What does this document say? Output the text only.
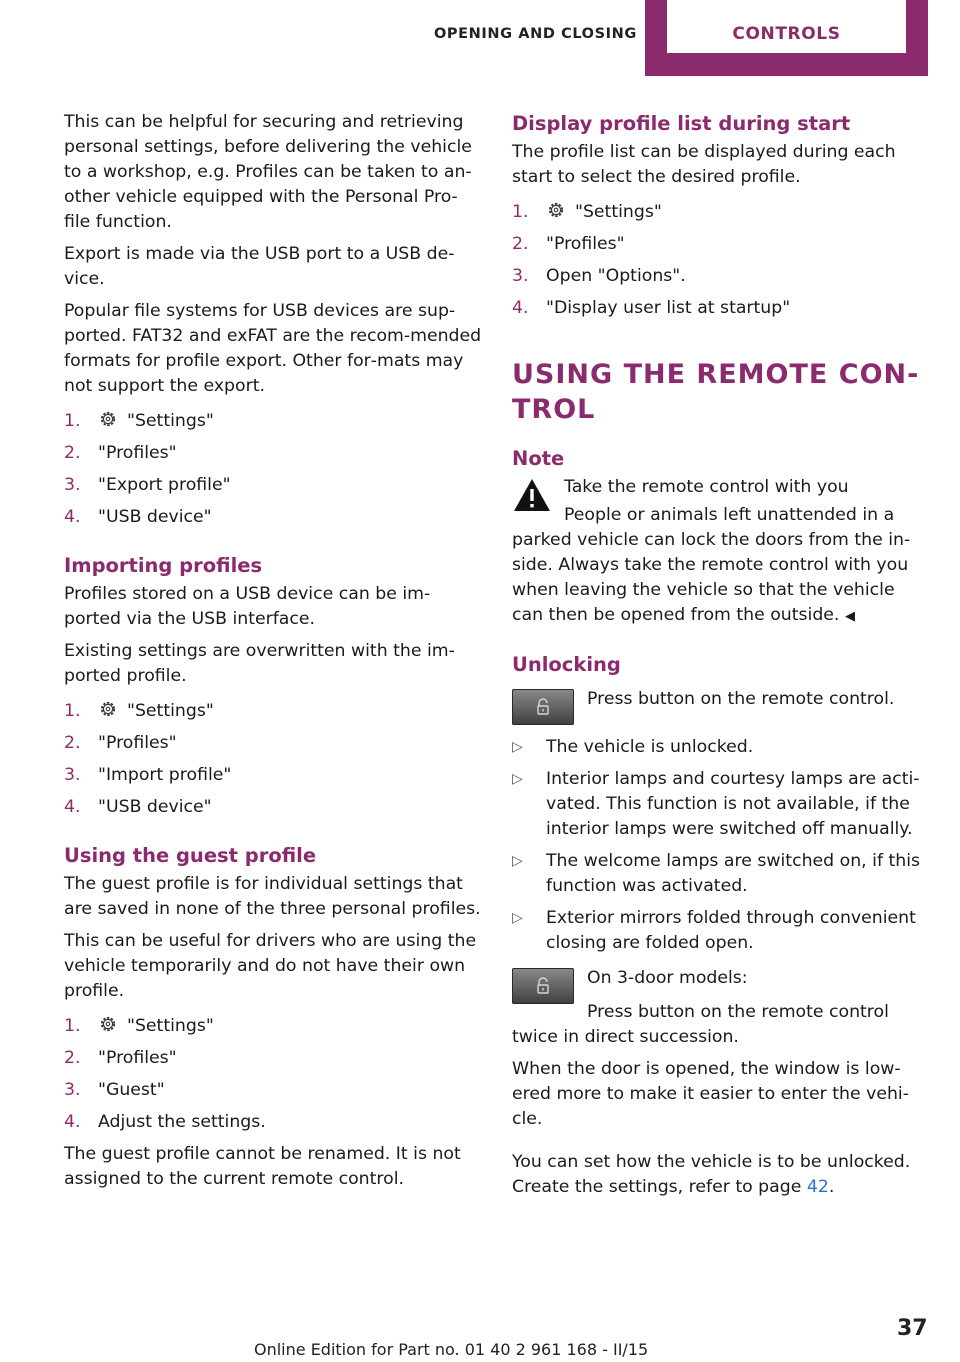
OPENING AND CLOSING	CONTROLS

This can be helpful for securing and retrieving personal settings, before delivering the vehicle to a workshop, e.g. Profiles can be taken to an‐other vehicle equipped with the Personal Pro‐file function.

Export is made via the USB port to a USB de‐vice.

Popular file systems for USB devices are sup‐ported. FAT32 and exFAT are the recom‐mended formats for profile export. Other for‐mats may not support the export.

1.	"Settings"
2. "Profiles"
3. "Export profile"
4. "USB device"
Importing profiles

Profiles stored on a USB device can be im‐ported via the USB interface.

Existing settings are overwritten with the im‐ported profile.

1.	"Settings"
2. "Profiles"
3. "Import profile"
4. "USB device"
Using the guest profile

The guest profile is for individual settings that are saved in none of the three personal profiles.

This can be useful for drivers who are using the vehicle temporarily and do not have their own profile.

1.	"Settings"
2. "Profiles"
3. "Guest"
4. Adjust the settings.

The guest profile cannot be renamed. It is not assigned to the current remote control.

Display profile list during start

The profile list can be displayed during each start to select the desired profile.

1.	"Settings"
2. "Profiles"
3. Open "Options".
4. "Display user list at startup"
USING THE REMOTE CON‐TROL
Note

Take the remote control with you

People or animals left unattended in a parked vehicle can lock the doors from the in‐side. Always take the remote control with you when leaving the vehicle so that the vehicle can then be opened from the outside. ◀

Unlocking

Press button on the remote control.

▷ The vehicle is unlocked.
▷ Interior lamps and courtesy lamps are acti‐vated. This function is not available, if the interior lamps were switched off manually.
▷ The welcome lamps are switched on, if this function was activated.
▷ Exterior mirrors folded through convenient closing are folded open.

On 3-door models:

Press button on the remote control twice in direct succession.

When the door is opened, the window is low‐ered more to make it easier to enter the vehi‐cle.

You can set how the vehicle is to be unlocked. Create the settings, refer to page 42.

37
Online Edition for Part no. 01 40 2 961 168 - II/15
